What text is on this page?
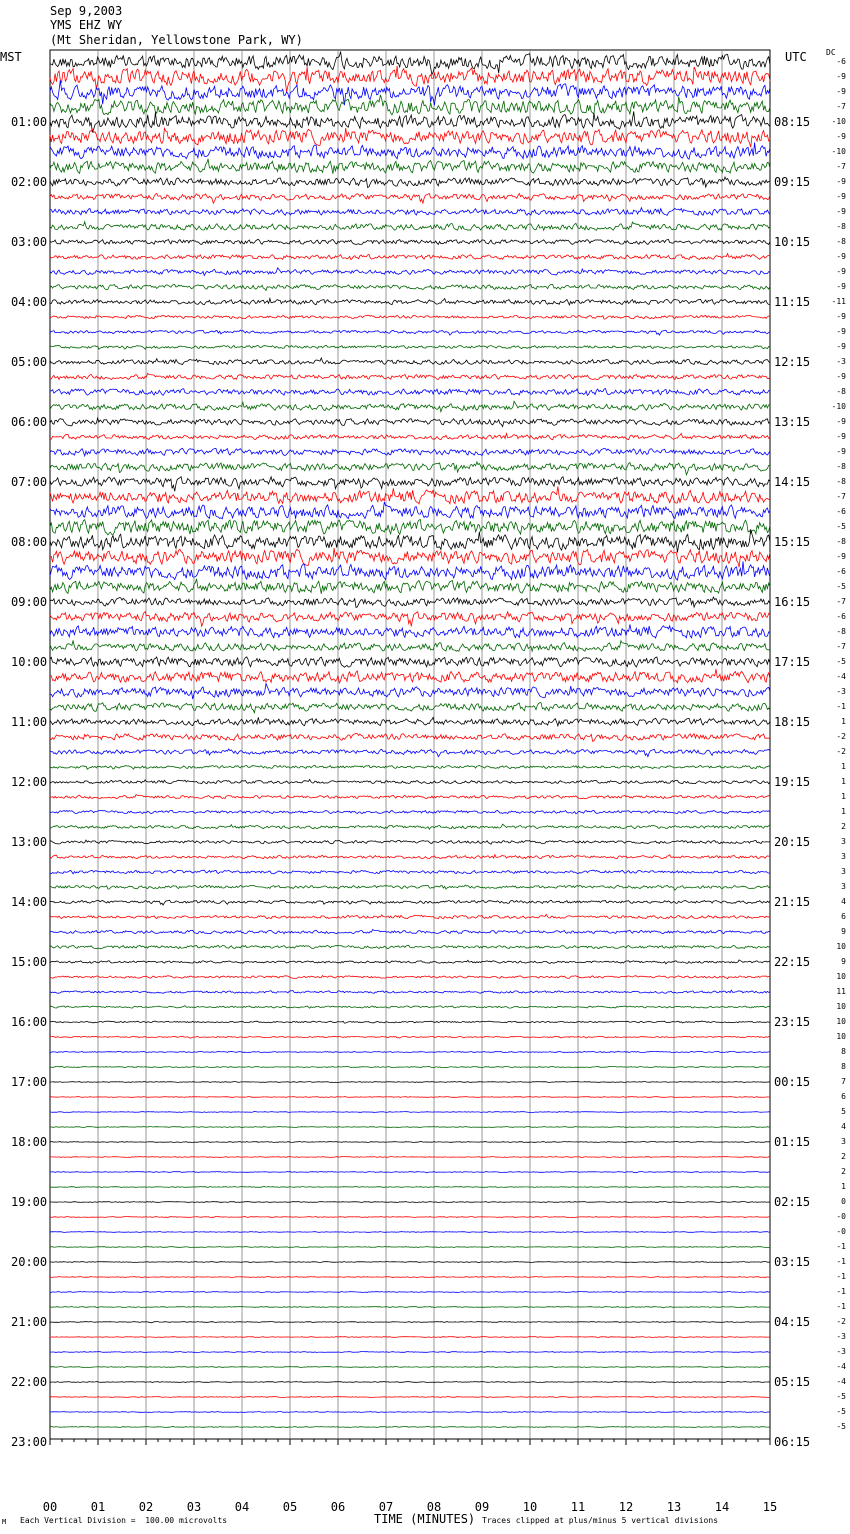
Sep 9,2003
YMS EHZ WY
(Mt Sheridan, Yellowstone Park, WY)
MST	UTC DC
00	01	02	03	04	05	06	07	08	09	10	11	12	13	14	15
-6
-9
-9
-7
-10
-9
-10
-7
-9
-9
-9
-8
-8
-9
-9
-9
-11
-9
-9
-9
-3
-9
-8
-10
-9
-9
-9
-8
-8
-7
-6
-5
-8
-9
-6
-5
-7
-6
-8
-7
-5
-4
-3
-1
1
-2
-2
1
1
1
1
2
3
3
3
3
4
6
9
10
9
10
11
10
10
10
8
8
7
6
5
4
3
2
2
1
0
-0
-0
-1
-1
-1
-1
-1
-2
-3
-3
-4
-4
-5
-5
-5
01:00	08:15
02:00	09:15
03:00	10:15
04:00	11:15
05:00	12:15
06:00	13:15
07:00	14:15
08:00	15:15
09:00	16:15
10:00	17:15
11:00	18:15
12:00	19:15
13:00	20:15
14:00	21:15
15:00	22:15
16:00	23:15
17:00	00:15
18:00	01:15
19:00	02:15
20:00	03:15
21:00	04:15
22:00	05:15
23:00	06:15
TIME (MINUTES)
Each Vertical Division =  100.00 microvolts	Traces clipped at plus/minus 5 vertical divisions
M
